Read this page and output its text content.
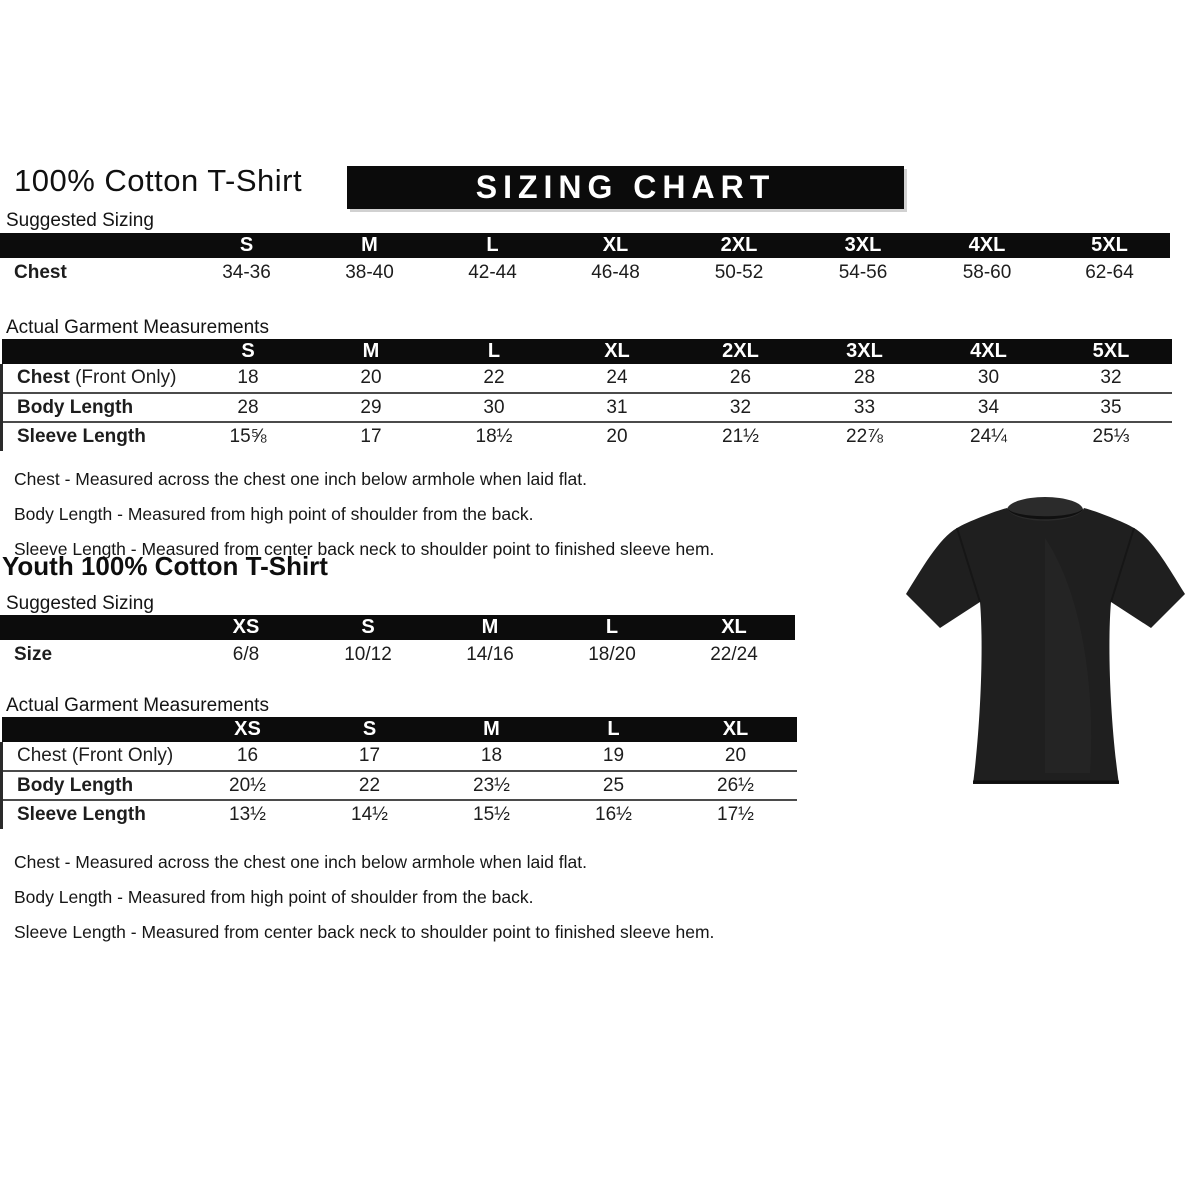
100% Cotton T-Shirt	SIZING CHART
Suggested Sizing
	S	M	L	XL	2XL	3XL	4XL	5XL
Chest	34-36	38-40	42-44	46-48	50-52	54-56	58-60	62-64
Actual Garment Measurements
	S	M	L	XL	2XL	3XL	4XL	5XL
Chest (Front Only)	18	20	22	24	26	28	30	32
Body Length	28	29	30	31	32	33	34	35
Sleeve Length	15⅝	17	18½	20	21½	22⅞	24¼	25⅓
Chest - Measured across the chest one inch below armhole when laid flat.
Body Length - Measured from high point of shoulder from the back.
Sleeve Length - Measured from center back neck to shoulder point to finished sleeve hem.
Youth 100% Cotton T-Shirt
Suggested Sizing
	XS	S	M	L	XL
Size	6/8	10/12	14/16	18/20	22/24
Actual Garment Measurements
	XS	S	M	L	XL
Chest (Front Only)	16	17	18	19	20
Body Length	20½	22	23½	25	26½
Sleeve Length	13½	14½	15½	16½	17½
Chest - Measured across the chest one inch below armhole when laid flat.
Body Length - Measured from high point of shoulder from the back.
Sleeve Length - Measured from center back neck to shoulder point to finished sleeve hem.
